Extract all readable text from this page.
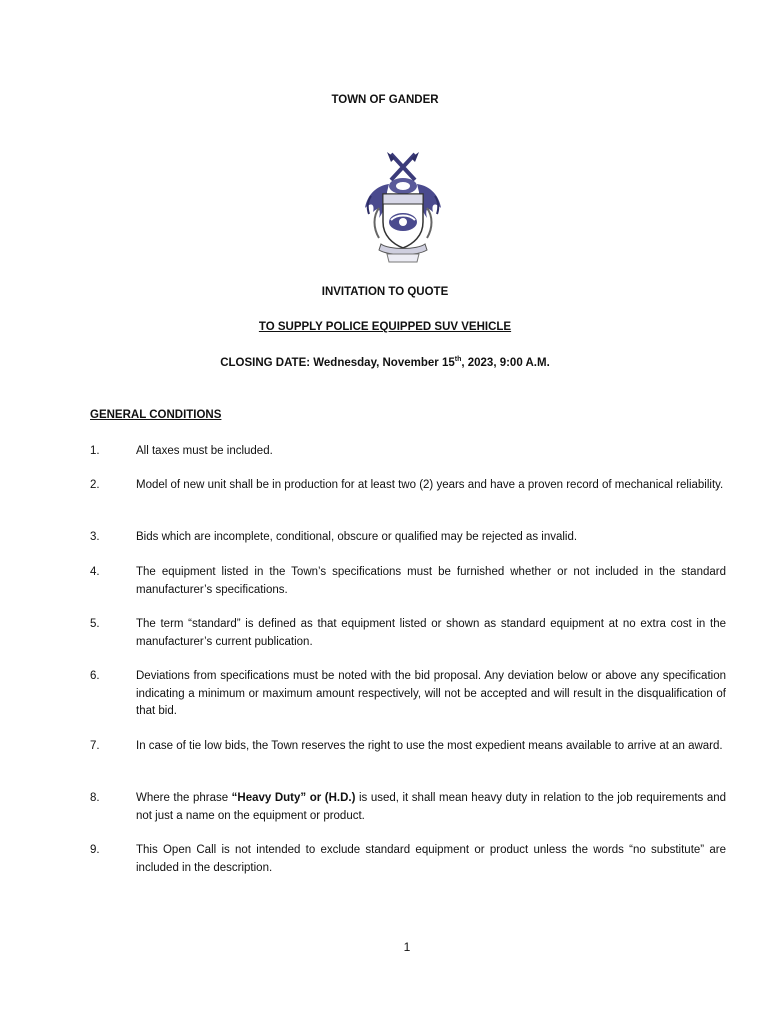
TOWN OF GANDER
INVITATION TO QUOTE
TO SUPPLY POLICE EQUIPPED SUV VEHICLE
CLOSING DATE: Wednesday, November 15th, 2023, 9:00 A.M.
GENERAL CONDITIONS
1.	All taxes must be included.
2.	Model of new unit shall be in production for at least two (2) years and have a proven record of mechanical reliability.
3.	Bids which are incomplete, conditional, obscure or qualified may be rejected as invalid.
4.	The equipment listed in the Town’s specifications must be furnished whether or not included in the standard manufacturer’s specifications.
5.	The term “standard” is defined as that equipment listed or shown as standard equipment at no extra cost in the manufacturer’s current publication.
6.	Deviations from specifications must be noted with the bid proposal. Any deviation below or above any specification indicating a minimum or maximum amount respectively, will not be accepted and will result in the disqualification of that bid.
7.	In case of tie low bids, the Town reserves the right to use the most expedient means available to arrive at an award.
8.	Where the phrase “Heavy Duty” or (H.D.) is used, it shall mean heavy duty in relation to the job requirements and not just a name on the equipment or product.
9.	This Open Call is not intended to exclude standard equipment or product unless the words “no substitute” are included in the description.
1
